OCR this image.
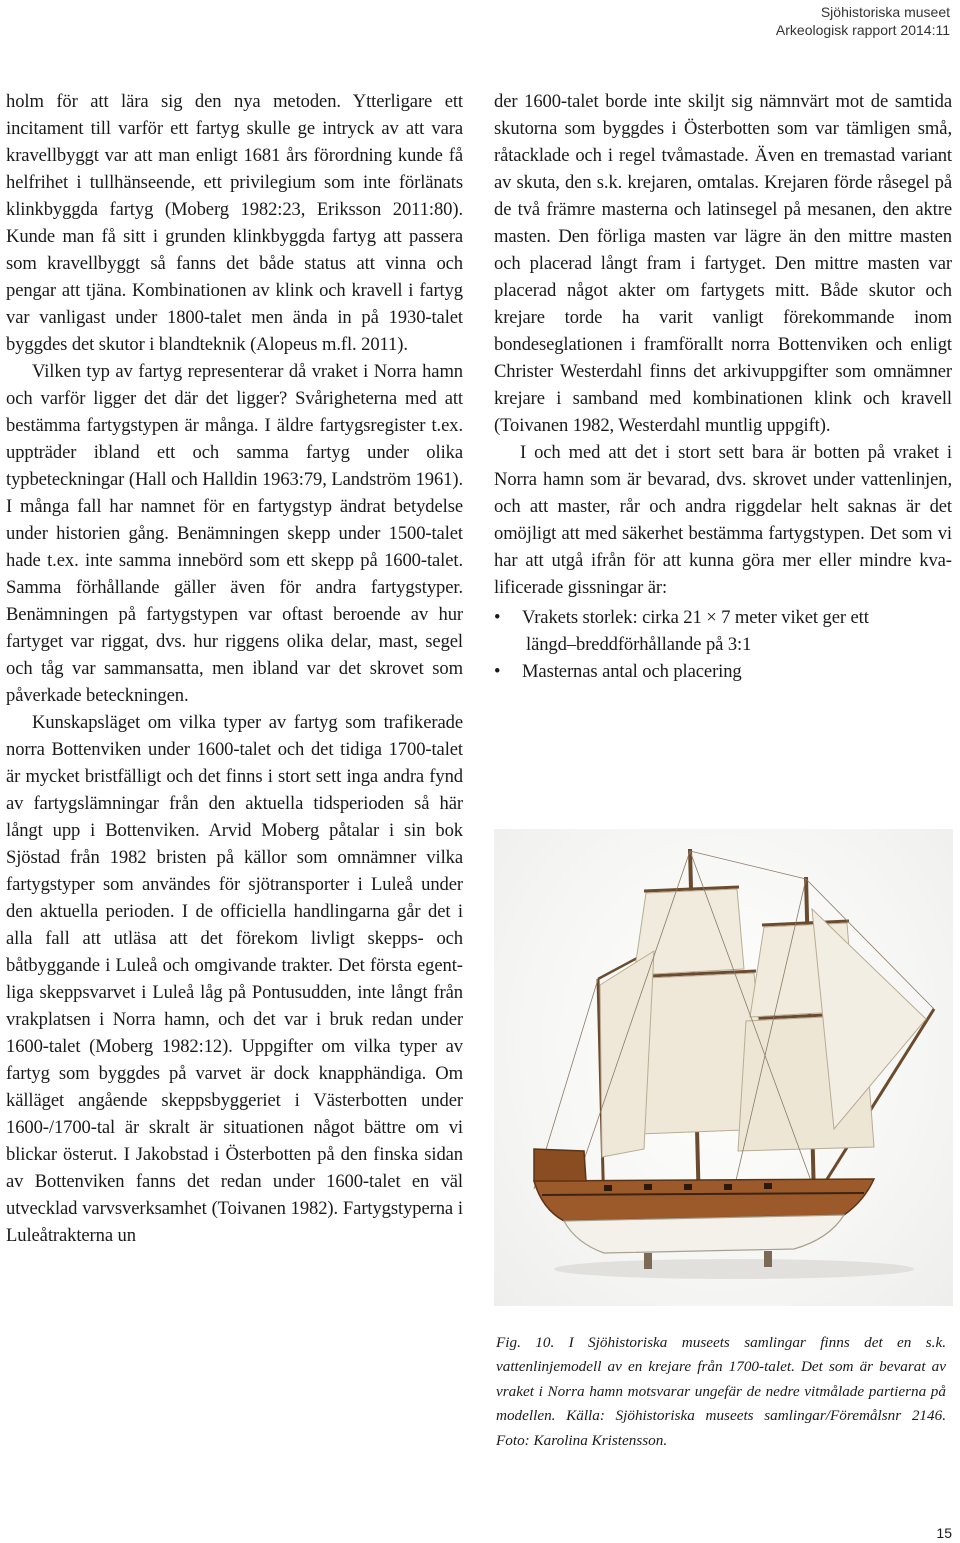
Sjöhistoriska museet
Arkeologisk rapport 2014:11

holm för att lära sig den nya metoden. Ytterligare ett incitament till varför ett fartyg skulle ge intryck av att vara kravellbyggt var att man enligt 1681 års förordning kunde få helfrihet i tullhänseende, ett privilegium som inte förlänats klinkbyggda fartyg (Moberg 1982:23, Eriksson 2011:80). Kunde man få sitt i grunden klinkbyggda fartyg att passera som kravellbyggt så fanns det både status att vinna och pengar att tjäna. Kombinationen av klink och kravell i fartyg var vanligast under 1800-talet men ända in på 1930-talet byggdes det skutor i blandteknik (Alopeus m.fl. 2011).

Vilken typ av fartyg representerar då vraket i Norra hamn och varför ligger det där det ligger? Svårigheterna med att bestämma fartygstypen är många. I äldre fartygsregister t.ex. uppträder ibland ett och samma fartyg under olika typbeteckningar (Hall och Halldin 1963:79, Landström 1961). I många fall har namnet för en fartygstyp ändrat betydelse under historien gång. Benämningen skepp under 1500-talet hade t.ex. inte samma innebörd som ett skepp på 1600-talet. Samma förhållande gäller även för andra fartygstyper. Benämningen på fartygstypen var oftast beroende av hur fartyget var riggat, dvs. hur riggens olika delar, mast, segel och tåg var sammansatta, men ibland var det skrovet som påverkade beteckningen.

Kunskapsläget om vilka typer av fartyg som trafikerade norra Bottenviken under 1600-talet och det tidiga 1700-talet är mycket bristfälligt och det finns i stort sett inga andra fynd av fartygslämningar från den aktuella tidsperioden så här långt upp i Bottenviken. Arvid Moberg påtalar i sin bok Sjöstad från 1982 bristen på källor som omnämner vilka fartygstyper som användes för sjötransporter i Luleå under den aktuella perioden. I de officiella handlingarna går det i alla fall att utläsa att det förekom livligt skepps- och båtbyggande i Luleå och omgivande trakter. Det första egentliga skeppsvarvet i Luleå låg på Pontusudden, inte långt från vrakplatsen i Norra hamn, och det var i bruk redan under 1600-talet (Moberg 1982:12). Uppgifter om vilka typer av fartyg som byggdes på varvet är dock knapphändiga. Om källäget angående skeppsbyggeriet i Västerbotten under 1600-/1700-tal är skralt är situationen något bättre om vi blickar österut. I Jakobstad i Österbotten på den finska sidan av Bottenviken fanns det redan under 1600-talet en väl utvecklad varvsverksamhet (Toivanen 1982). Fartygstyperna i Luleåtrakterna un

der 1600-talet borde inte skiljt sig nämnvärt mot de samtida skutorna som byggdes i Österbotten som var tämligen små, råtacklade och i regel tvåmastade. Även en tremastad variant av skuta, den s.k. krejaren, omtalas. Krejaren förde råsegel på de två främre masterna och latinsegel på mesanen, den aktre masten. Den förliga masten var lägre än den mittre masten och placerad långt fram i fartyget. Den mittre masten var placerad något akter om fartygets mitt. Både skutor och krejare torde ha varit vanligt förekommande inom bondeseglationen i framförallt norra Bottenviken och enligt Christer Westerdahl finns det arkivuppgifter som omnämner krejare i samband med kombinationen klink och kravell (Toivanen 1982, Westerdahl muntlig uppgift).

I och med att det i stort sett bara är botten på vraket i Norra hamn som är bevarad, dvs. skrovet under vattenlinjen, och att master, rår och andra riggdelar helt saknas är det omöjligt att med säkerhet bestämma fartygstypen. Det som vi har att utgå ifrån för att kunna göra mer eller mindre kvalificerade gissningar är:

• Vrakets storlek: cirka 21 × 7 meter viket ger ett
längd–breddförhållande på 3:1
• Masternas antal och placering
Fig. 10. I Sjöhistoriska museets samlingar finns det en s.k. vattenlinjemodell av en krejare från 1700-talet. Det som är bevarat av vraket i Norra hamn motsvarar ungefär de nedre vitmålade partierna på modellen. Källa: Sjöhistoriska museets samlingar/Föremålsnr 2146. Foto: Karolina Kristensson.
15
